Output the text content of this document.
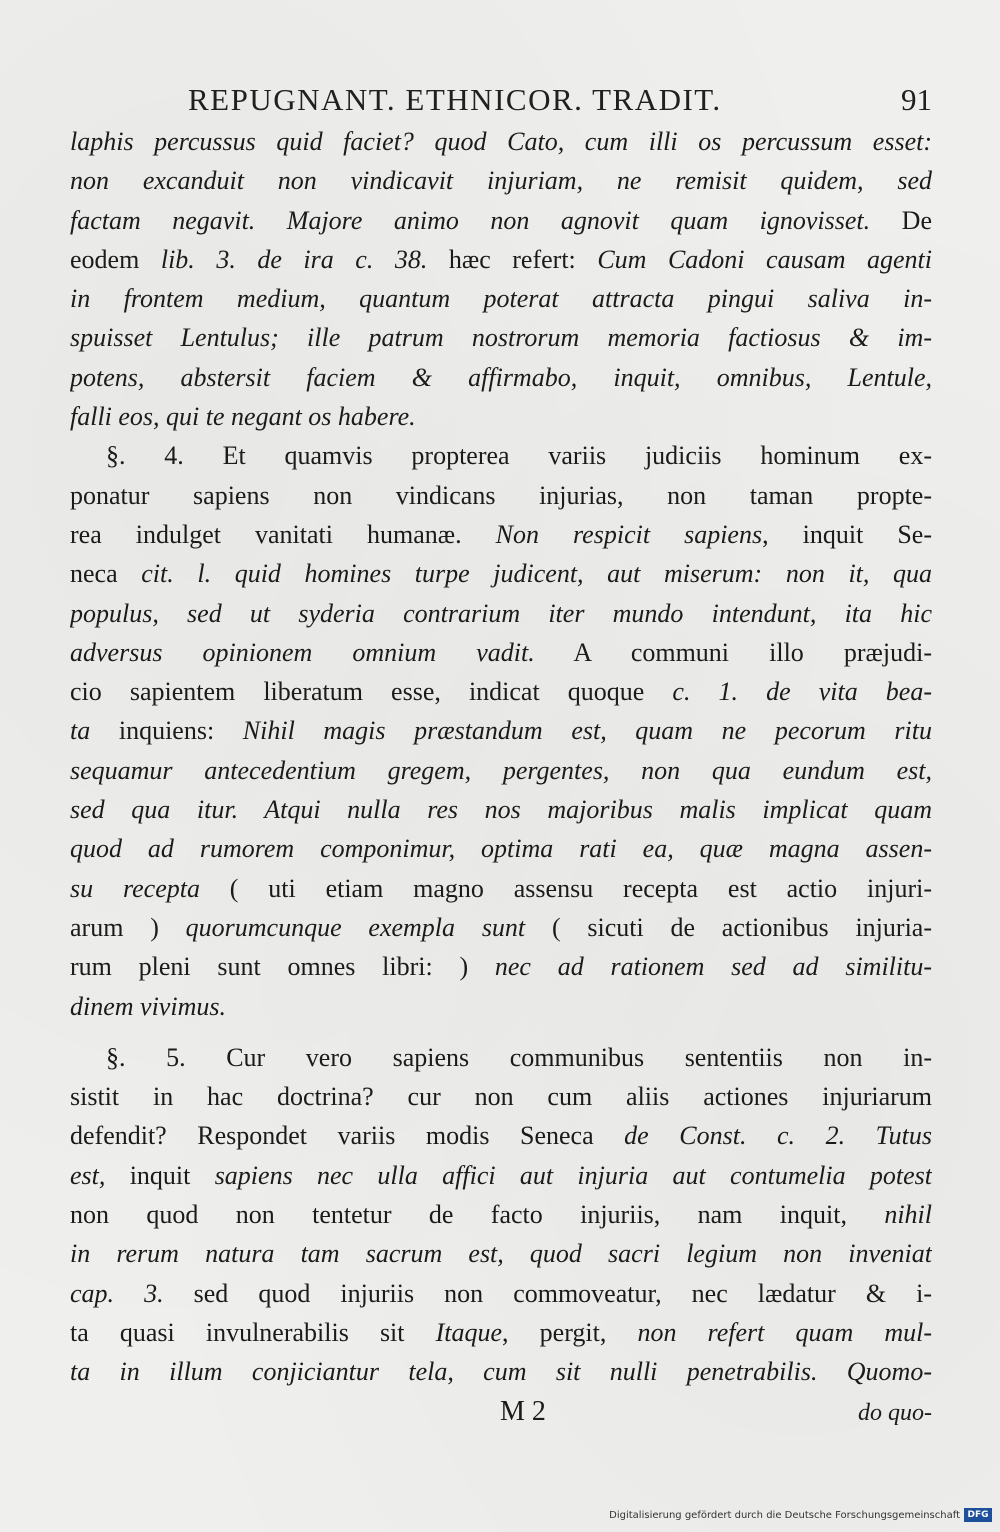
REPUGNANT. ETHNICOR. TRADIT.	91
laphis percussus quid faciet? quod Cato, cum illi os percussum esset:
non excanduit non vindicavit injuriam, ne remisit quidem, sed
factam negavit. Majore animo non agnovit quam ignovisset. De
eodem lib. 3. de ira c. 38. hæc refert: Cum Cadoni causam agenti
in frontem medium, quantum poterat attracta pingui saliva in-
spuisset Lentulus; ille patrum nostrorum memoria factiosus & im-
potens, abstersit faciem & affirmabo, inquit, omnibus, Lentule,
falli eos, qui te negant os habere.
§. 4. Et quamvis propterea variis judiciis hominum ex-
ponatur sapiens non vindicans injurias, non taman propte-
rea indulget vanitati humanæ. Non respicit sapiens, inquit Se-
neca cit. l. quid homines turpe judicent, aut miserum: non it, qua
populus, sed ut syderia contrarium iter mundo intendunt, ita hic
adversus opinionem omnium vadit. A communi illo præjudi-
cio sapientem liberatum esse, indicat quoque c. 1. de vita bea-
ta inquiens: Nihil magis præstandum est, quam ne pecorum ritu
sequamur antecedentium gregem, pergentes, non qua eundum est,
sed qua itur. Atqui nulla res nos majoribus malis implicat quam
quod ad rumorem componimur, optima rati ea, quæ magna assen-
su recepta ( uti etiam magno assensu recepta est actio injuri-
arum ) quorumcunque exempla sunt ( sicuti de actionibus injuria-
rum pleni sunt omnes libri: ) nec ad rationem sed ad similitu-
dinem vivimus.
§. 5. Cur vero sapiens communibus sententiis non in-
sistit in hac doctrina? cur non cum aliis actiones injuriarum
defendit? Respondet variis modis Seneca de Const. c. 2. Tutus
est, inquit sapiens nec ulla affici aut injuria aut contumelia potest
non quod non tentetur de facto injuriis, nam inquit, nihil
in rerum natura tam sacrum est, quod sacri legium non inveniat
cap. 3. sed quod injuriis non commoveatur, nec lædatur & i-
ta quasi invulnerabilis sit Itaque, pergit, non refert quam mul-
ta in illum conjiciantur tela, cum sit nulli penetrabilis. Quomo-
M 2	do quo-
Digitalisierung gefördert durch die Deutsche Forschungsgemeinschaft DFG
